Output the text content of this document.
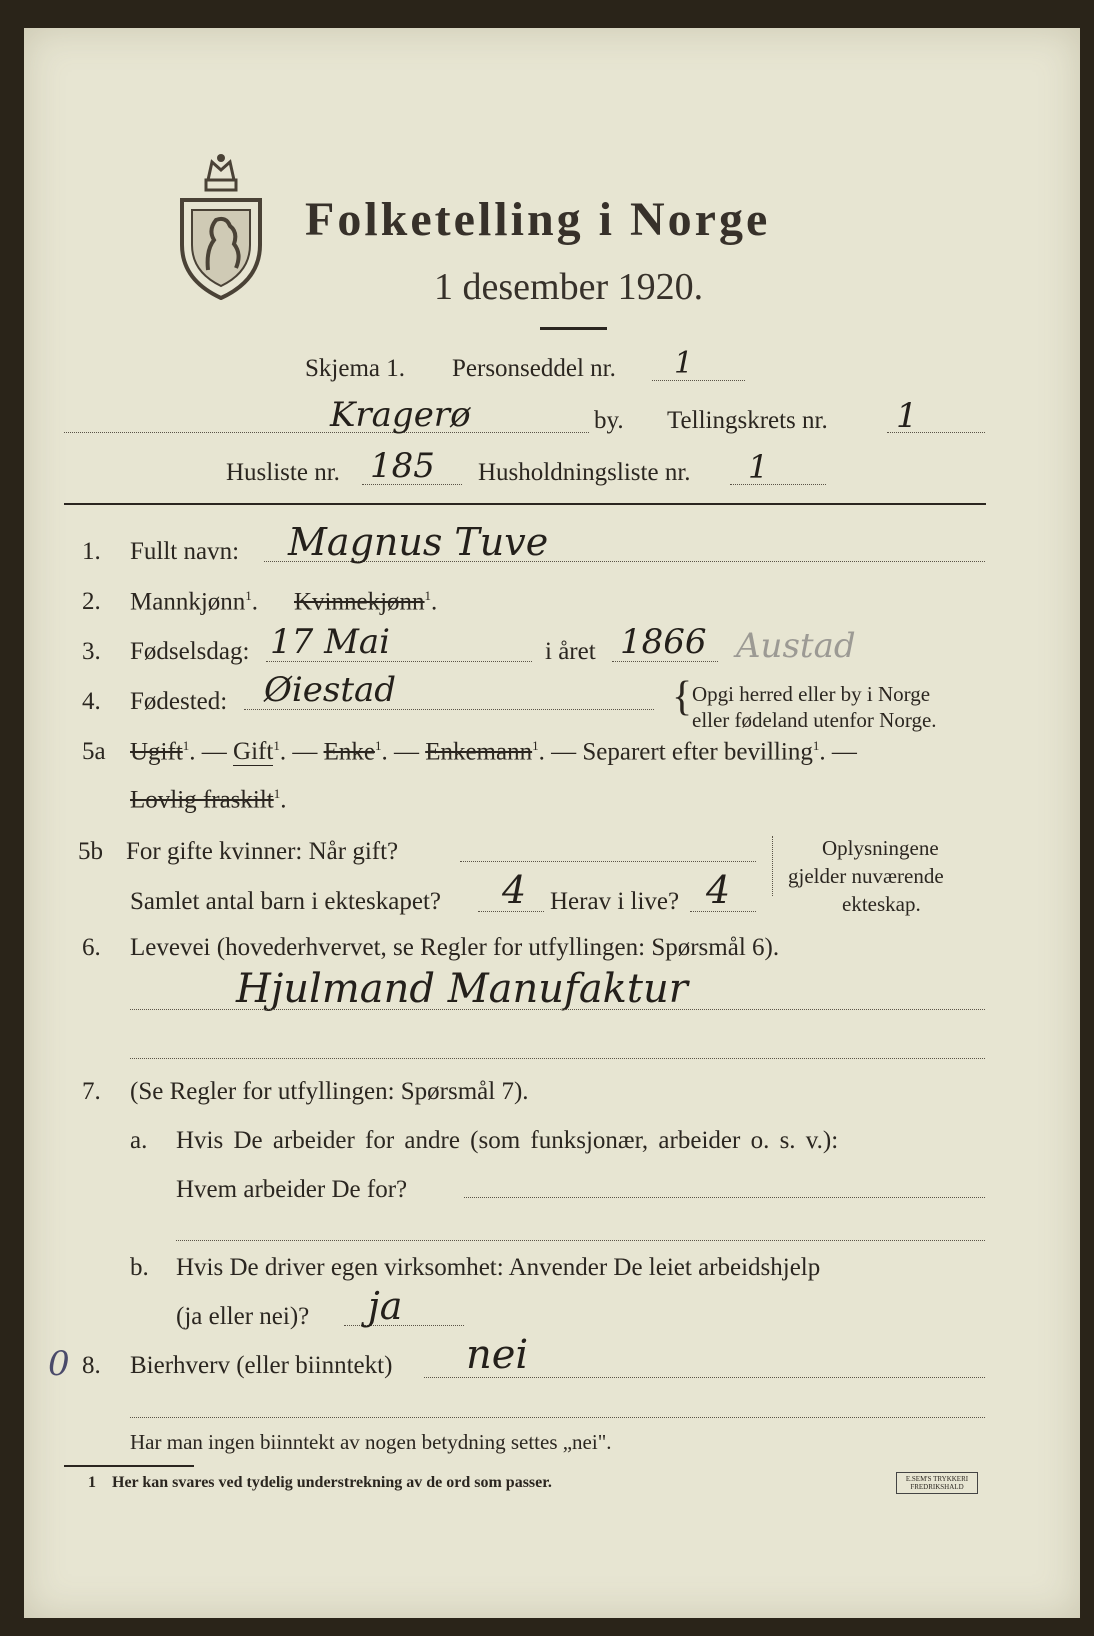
Folketelling i Norge
1 desember 1920.
Skjema 1. Personseddel nr. 1
Kragerø	by. Tellingskrets nr. 1
Husliste nr. 185 Husholdningsliste nr. 1
1. Fullt navn: Magnus Tuve
2. Mannkjønn$^1$. Kvinnekjønn$^1$.
3. Fødselsdag: 17 Mai	i året 1866 Austad
4. Fødested: Øiestad	{ Opgi herred eller by i Norge
eller fødeland utenfor Norge.
5a Ugift$^1$. — Gift$^1$. — Enke$^1$. — Enkemann$^1$. — Separert efter bevilling$^1$. —
Lovlig fraskilt$^1$.
5b For gifte kvinner: Når gift?
Samlet antal barn i ekteskapet? 4 Herav i live? 4
Oplysningene
gjelder nuværende
ekteskap.
6. Levevei (hovederhvervet, se Regler for utfyllingen: Spørsmål 6).
Hjulmand Manufaktur
7. (Se Regler for utfyllingen: Spørsmål 7).
a. Hvis De arbeider for andre (som funksjonær, arbeider o. s. v.):
Hvem arbeider De for?
b. Hvis De driver egen virksomhet: Anvender De leiet arbeidshjelp
(ja eller nei)? ja
0 8. Bierhverv (eller biinntekt) nei
Har man ingen biinntekt av nogen betydning settes „nei".
1 Her kan svares ved tydelig understrekning av de ord som passer.	E.SEM'S TRYKKERI
FREDRIKSHALD
